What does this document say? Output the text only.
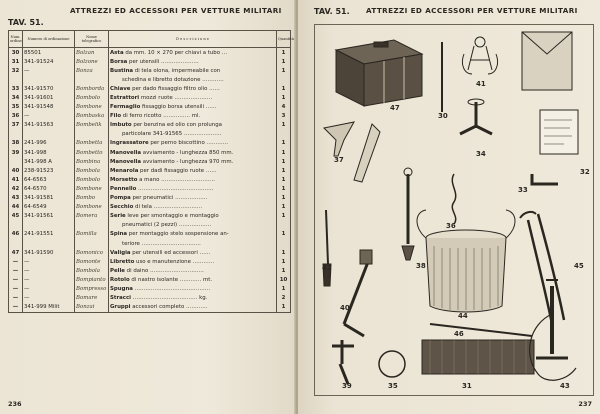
ATTREZZI ED ACCESSORI PER VETTURE MILITARI
TAV. 51.
Num. ordine	Numero di ordinazione	Nome telegrafico	D e s c r i z i o n e	Quantità
30	85501	Bolzan	Asta da mm. 10 × 270 per chiavi a tubo …	1
31	341-91524	Bolzone	Borsa per utensili …………………	1
32	—	Bonza	Bustina di tela olona, impermeabile con	1
			schedina e libretto dotazione …………	
33	341-91570	Bomborda	Chiave per dado fissaggio filtro olio ……	1
34	341-91601	Bombolo	Estrattori mozzi ruote …………………	1
35	341-91548	Bombone	Fermaglio fissaggio borsa utensili ……	4
36	—	Bombaska	Filo di ferro ricotto …………… ml.	3
37	341-91563	Bombelik	Imbuto per benzina ed olio con prolunga	1
			particolare 341-91565 …………………	
38	241-996	Bombetta	Ingrassatore per perno biscottino …………	1
39	341-998	Bombetto	Manovella avviamento - lunghezza 850 mm.	1
	341-998 A	Bombina	Manovella avviamento - lunghezza 970 mm.	1
40	238-91523	Bombola	Menarola per dadi fissaggio ruote ……	1
41	64-6563	Bombolo	Morsetto a mano …………………………	1
42	64-6570	Bombone	Pennello ……………………………………	1
43	341-91581	Bombo	Pompa per pneumatici ………………	1
44	64-6549	Bombone	Secchio di tela ………………………	1
45	341-91561	Bomera	Serie leve per smontaggio e montaggio	1
			pneumatici (2 pezzi) ………………	
46	241-91551	Bomilla	Spina per montaggio stelo sospensione an-	1
			teriore ……………………………	
47	341-91590	Bomonico	Valigia per utensili ed accessori ……	1
—	—	Bomonte	Libretto uso e manutenzione …………	1
—	—	Bombola	Pelle di daino …………………………	1
—	—	Bompianto	Rotolo di nastro isolante ………… mt.	10
—	—	Bompresso	Spugna ……………………………………	1
—	—	Bomare	Stracci ……………………………… kg.	2
—	341-999 Milit	Bonzai	Gruppi accessori completo …………	1
236
TAV. 51. ATTREZZI ED ACCESSORI PER VETTURE MILITARI
47
30
41
37
34
32
33
36
42	38	45
40
44
46
39	35	31	43
237
